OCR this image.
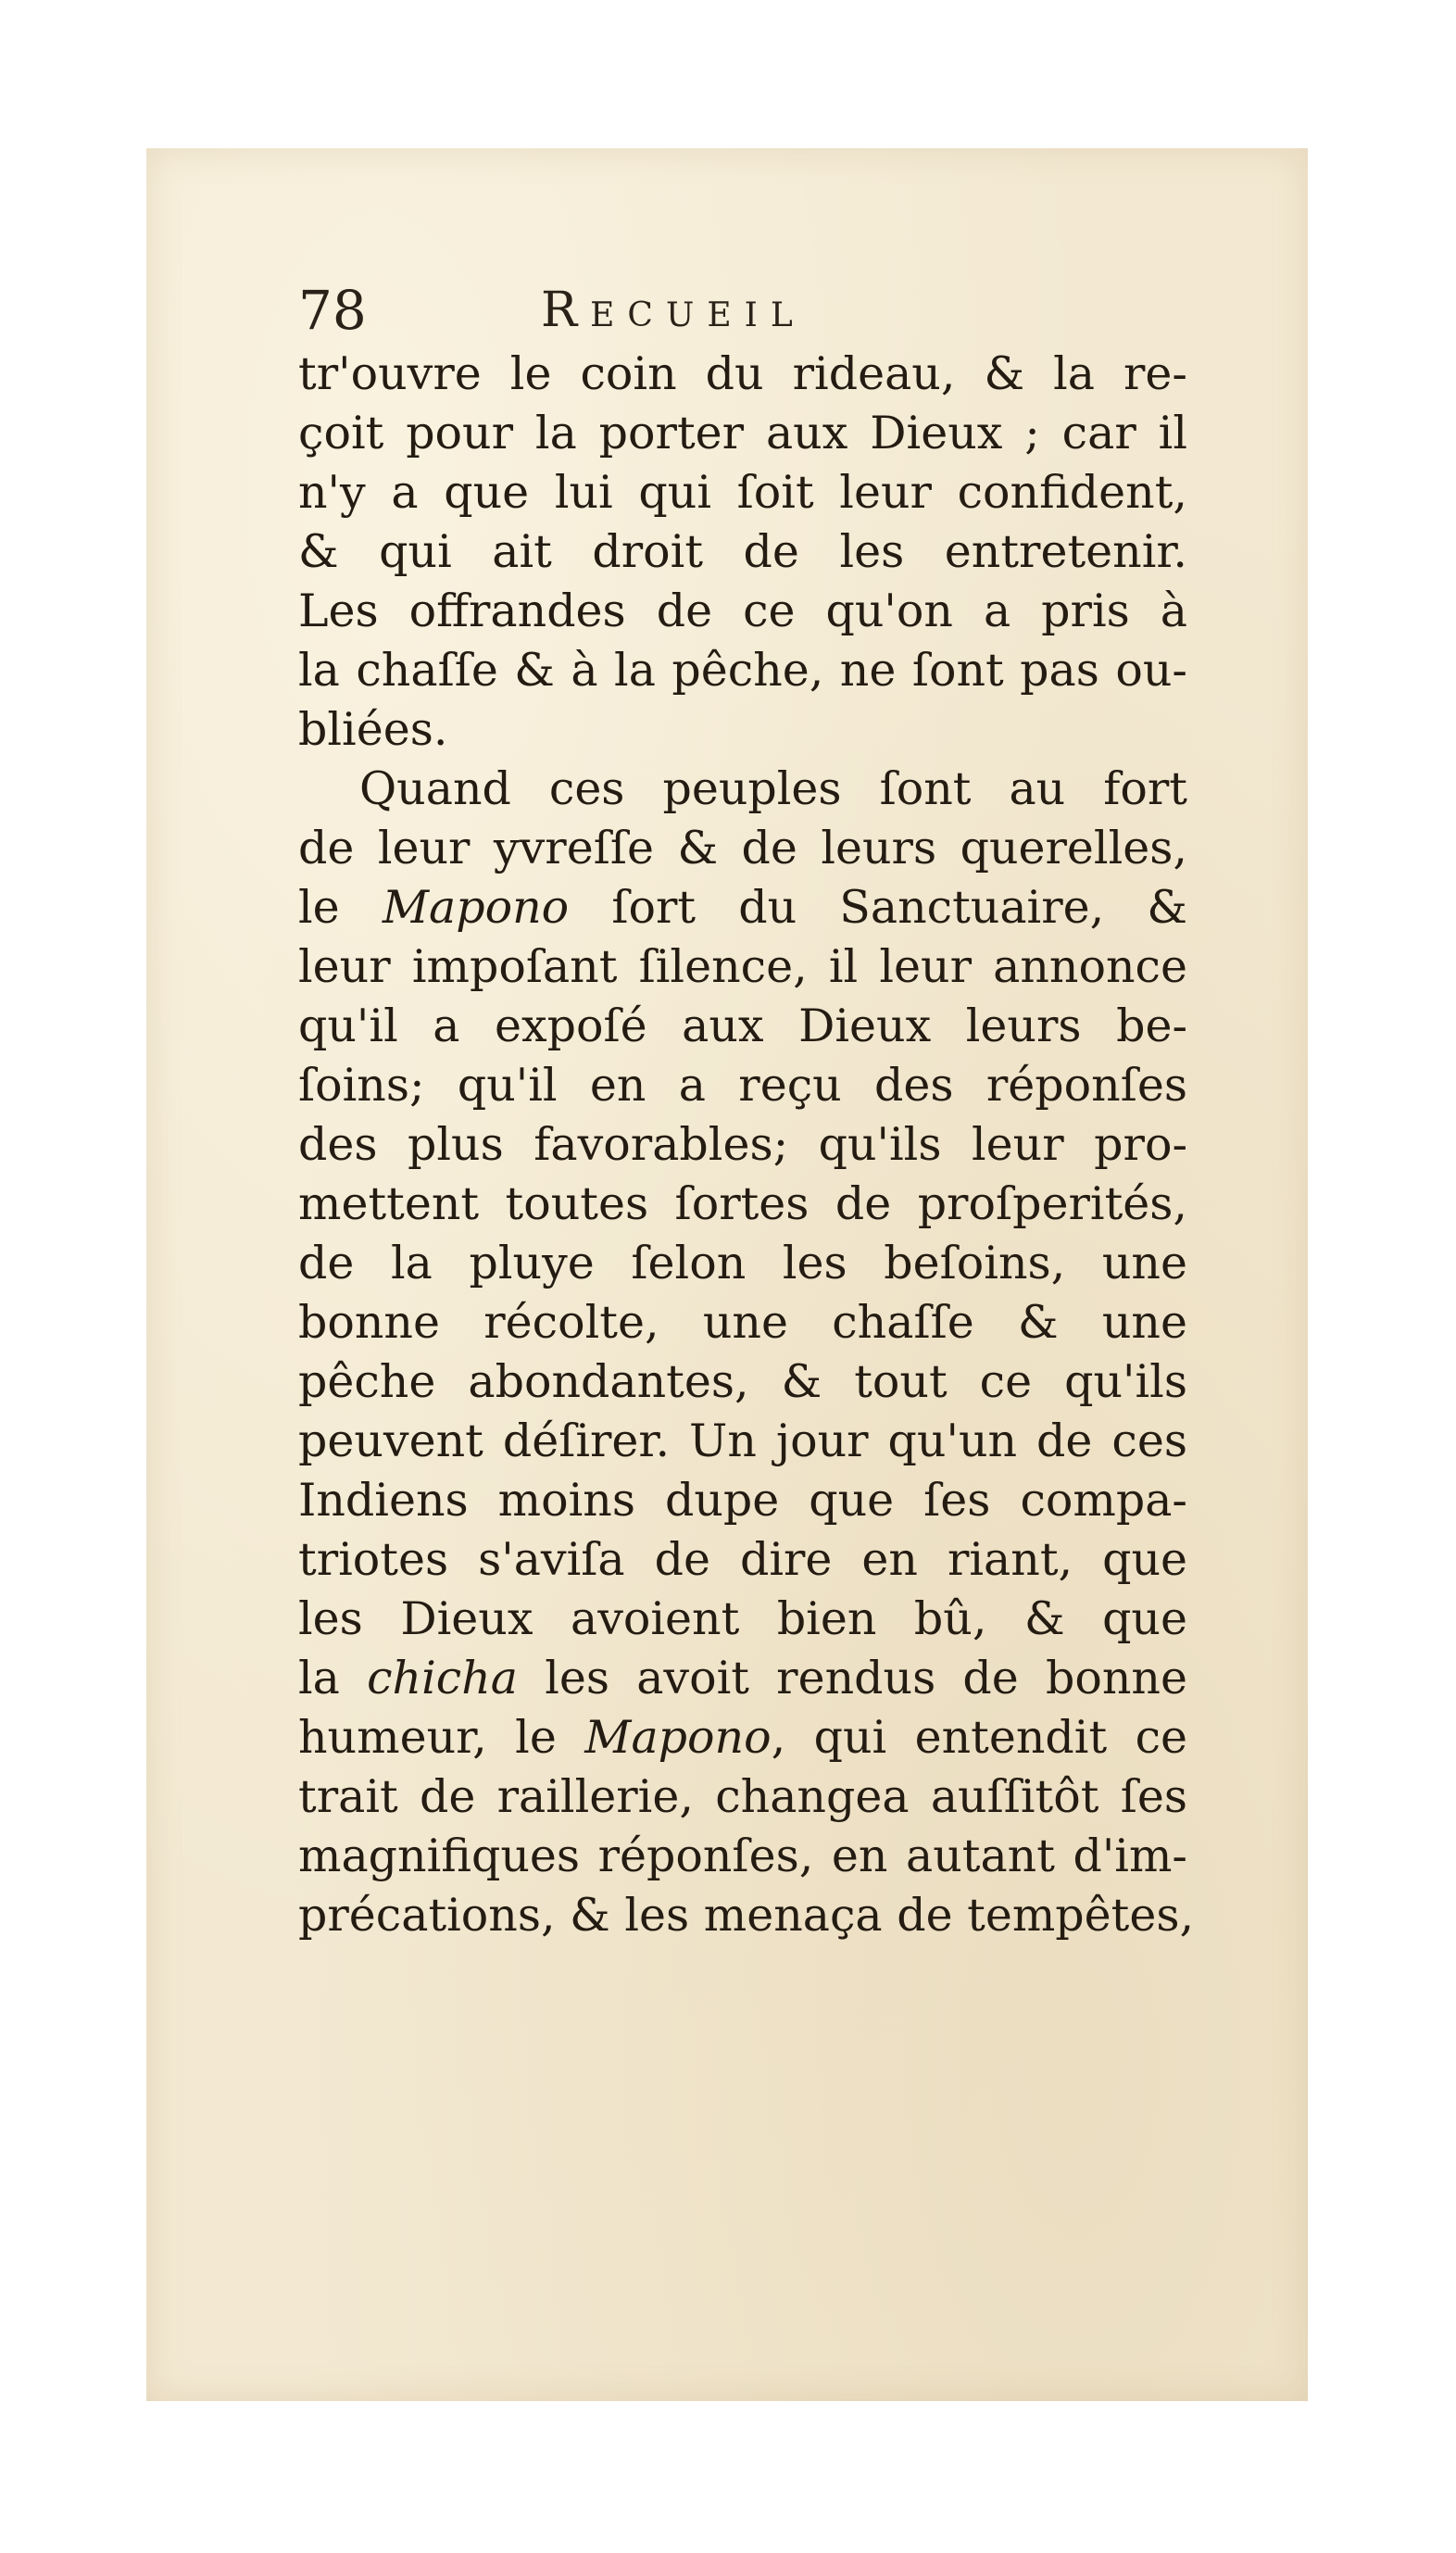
78	Recueil
tr'ouvre le coin du rideau, & la re-
çoit pour la porter aux Dieux ; car il
n'y a que lui qui ſoit leur confident,
& qui ait droit de les entretenir.
Les offrandes de ce qu'on a pris à
la chaſſe & à la pêche, ne ſont pas ou-
bliées.
Quand ces peuples ſont au fort
de leur yvreſſe & de leurs querelles,
le Mapono ſort du Sanctuaire, &
leur impoſant ſilence, il leur annonce
qu'il a expoſé aux Dieux leurs be-
ſoins; qu'il en a reçu des réponſes
des plus favorables; qu'ils leur pro-
mettent toutes ſortes de proſperités,
de la pluye ſelon les beſoins, une
bonne récolte, une chaſſe & une
pêche abondantes, & tout ce qu'ils
peuvent déſirer. Un jour qu'un de ces
Indiens moins dupe que ſes compa-
triotes s'aviſa de dire en riant, que
les Dieux avoient bien bû, & que
la chicha les avoit rendus de bonne
humeur, le Mapono, qui entendit ce
trait de raillerie, changea auſſitôt ſes
magnifiques réponſes, en autant d'im-
précations, & les menaça de tempêtes,
